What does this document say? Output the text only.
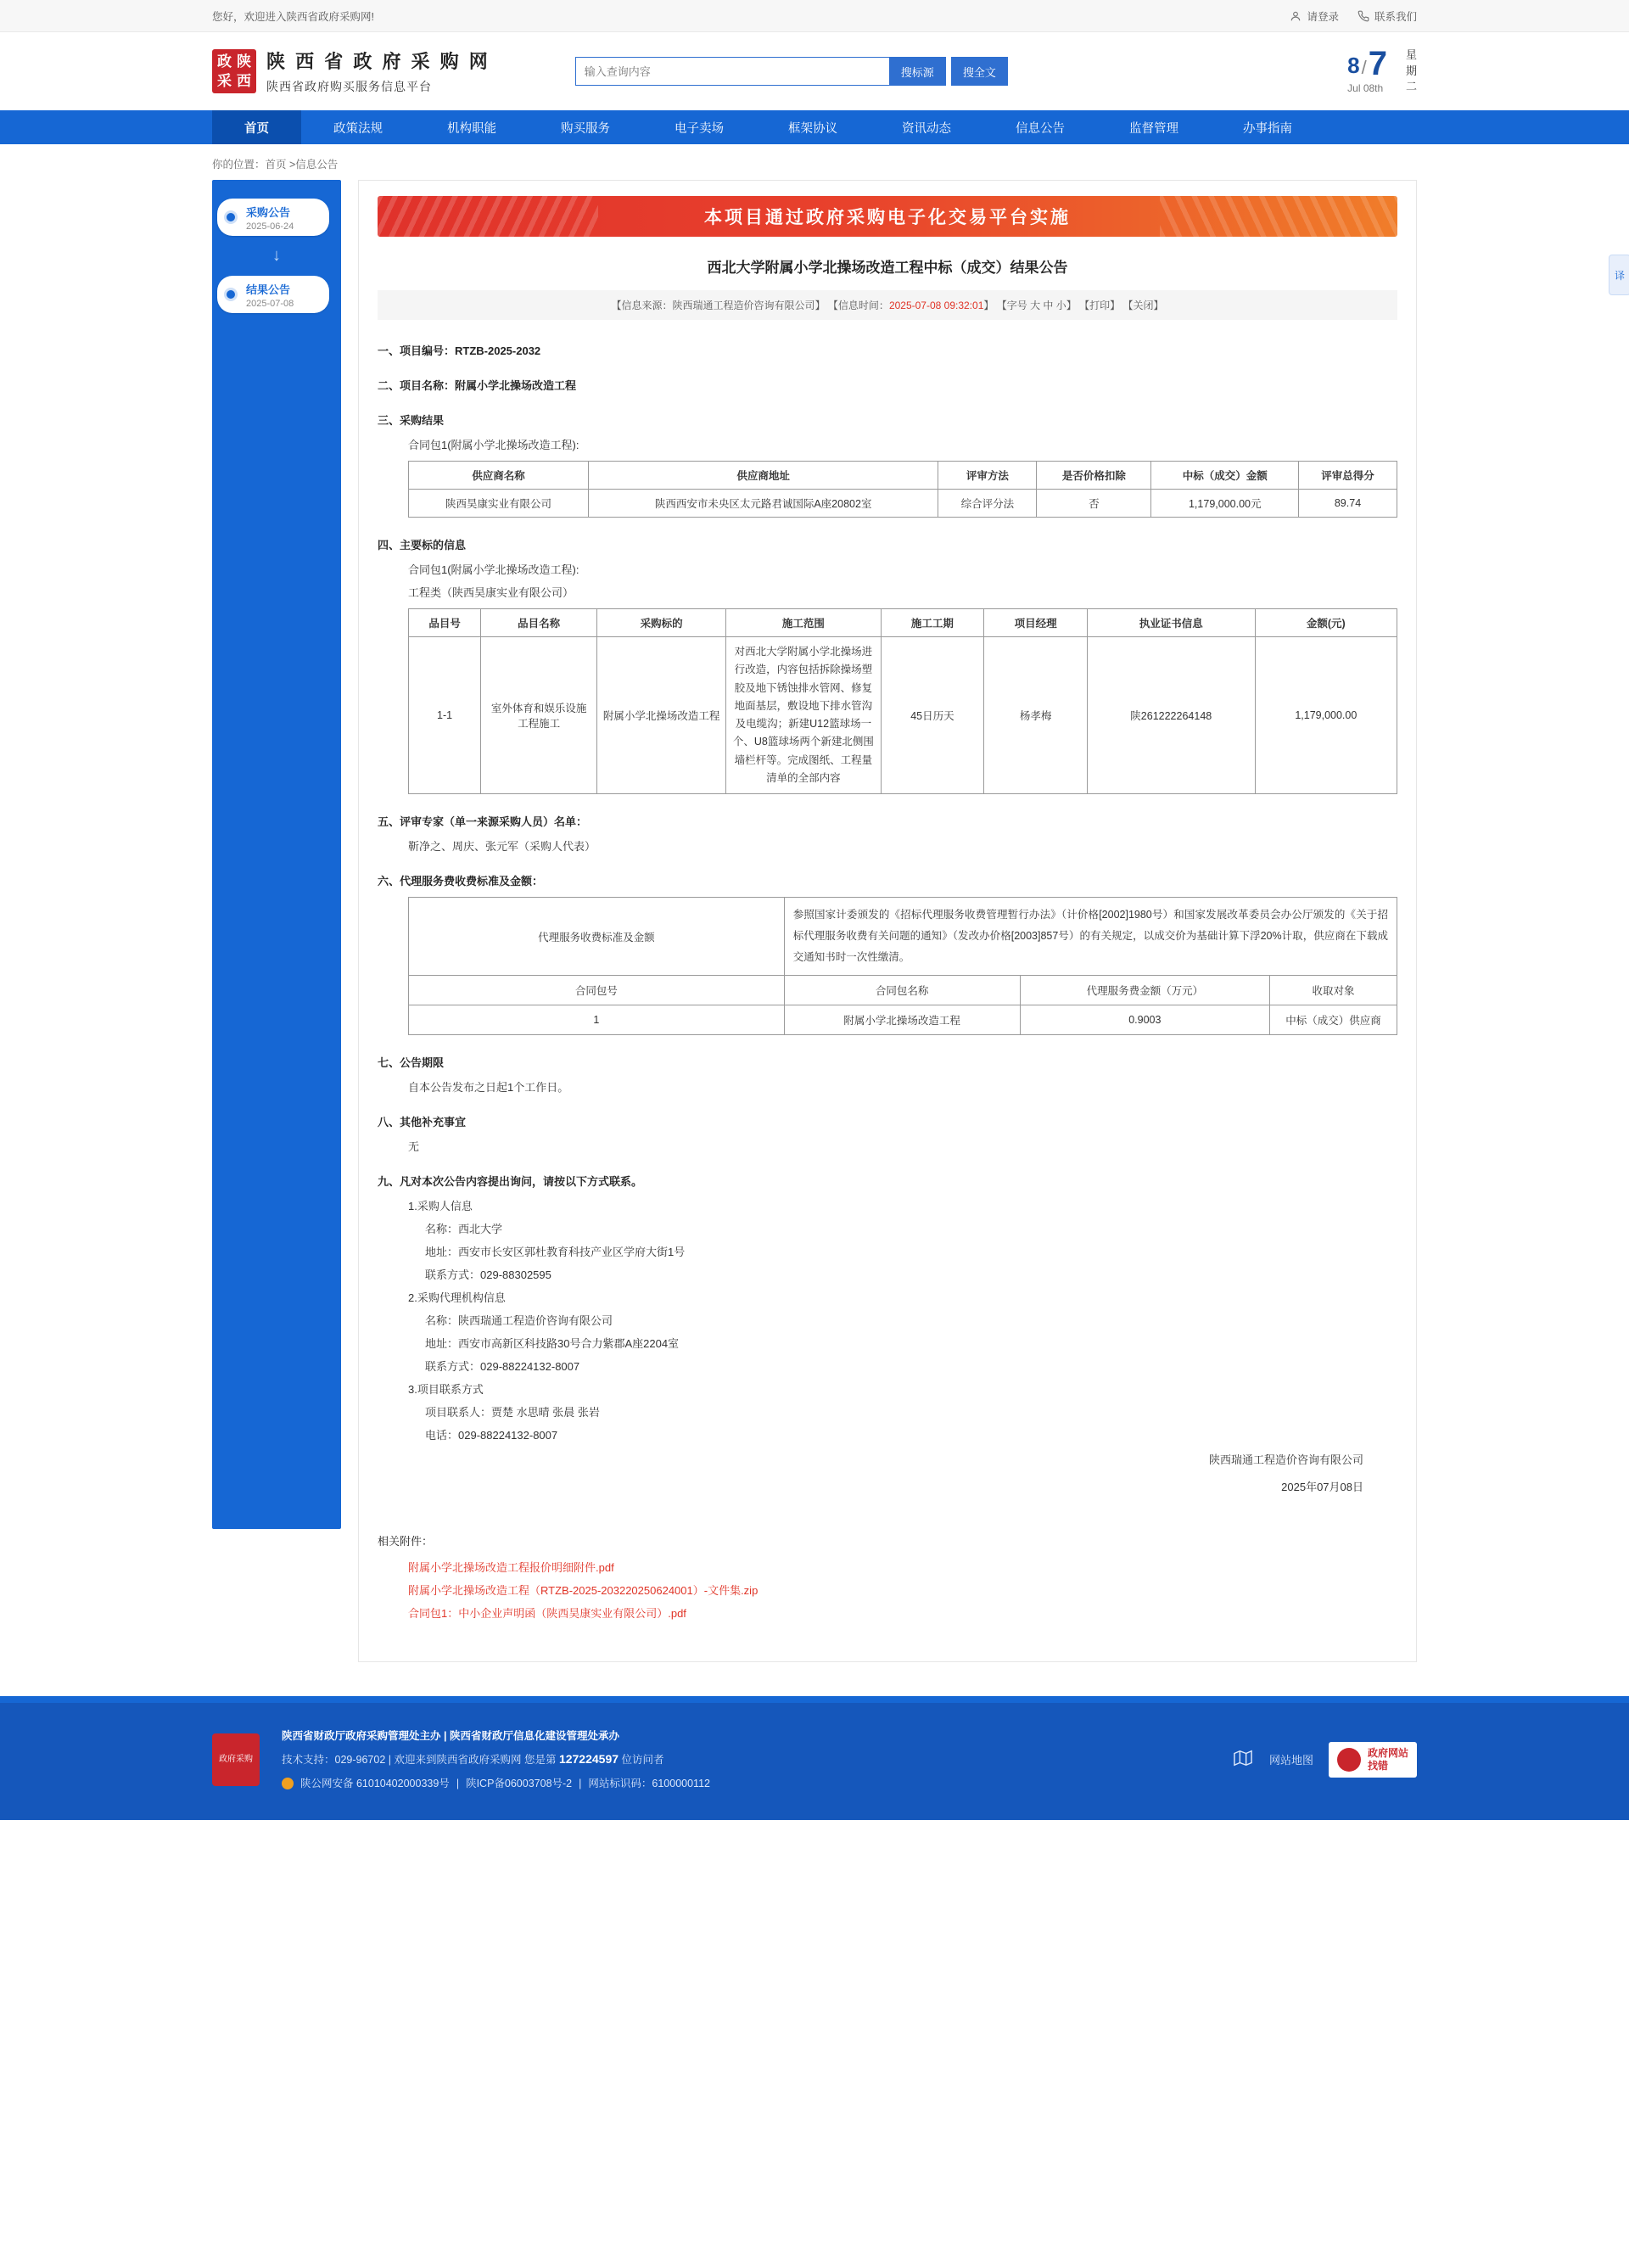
您好，欢迎进入陕西省政府采购网!	请登录	联系我们
政 陕
采 西
陕 西 省 政 府 采 购 网
陕西省政府购买服务信息平台
输入查询内容
搜标源	搜全文	8 / 7
Jul 08th
星
期
二
首页	政策法规	机构职能	购买服务	电子卖场	框架协议	资讯动态	信息公告	监督管理	办事指南
你的位置：首页 >信息公告
采购公告
2025-06-24
↓
结果公告
2025-07-08
本项目通过政府采购电子化交易平台实施
西北大学附属小学北操场改造工程中标（成交）结果公告
【信息来源：陕西瑞通工程造价咨询有限公司】 【信息时间：2025-07-08 09:32:01】 【字号 大 中 小】 【打印】 【关闭】
一、项目编号：RTZB-2025-2032
二、项目名称：附属小学北操场改造工程
三、采购结果
合同包1(附属小学北操场改造工程):
供应商名称	供应商地址	评审方法	是否价格扣除	中标（成交）金额	评审总得分
陕西昊康实业有限公司	陕西西安市未央区太元路君诚国际A座20802室	综合评分法	否	1,179,000.00元	89.74
四、主要标的信息
合同包1(附属小学北操场改造工程):
工程类（陕西昊康实业有限公司）
品目号	品目名称	采购标的	施工范围	施工工期	项目经理	执业证书信息	金额(元)
1-1	室外体育和娱乐设施工程施工	附属小学北操场改造工程	对西北大学附属小学北操场进行改造，内容包括拆除操场塑胶及地下锈蚀排水管网、修复地面基层，敷设地下排水管沟及电缆沟；新建U12篮球场一个、U8篮球场两个新建北侧围墙栏杆等。完成图纸、工程量清单的全部内容	45日历天	杨孝梅	陕261222264148	1,179,000.00
五、评审专家（单一来源采购人员）名单：
靳净之、周庆、张元军（采购人代表）
六、代理服务费收费标准及金额：
代理服务收费标准及金额	参照国家计委颁发的《招标代理服务收费管理暂行办法》（计价格[2002]1980号）和国家发展改革委员会办公厅颁发的《关于招标代理服务收费有关问题的通知》（发改办价格[2003]857号）的有关规定，以成交价为基础计算下浮20%计取，供应商在下载成交通知书时一次性缴清。		
合同包号	合同包名称	代理服务费金额（万元）	收取对象
1	附属小学北操场改造工程	0.9003	中标（成交）供应商
七、公告期限
自本公告发布之日起1个工作日。
八、其他补充事宜
无
九、凡对本次公告内容提出询问，请按以下方式联系。
1.采购人信息
名称：西北大学
地址：西安市长安区郭杜教育科技产业区学府大街1号
联系方式：029-88302595
2.采购代理机构信息
名称：陕西瑞通工程造价咨询有限公司
地址：西安市高新区科技路30号合力紫郡A座2204室
联系方式：029-88224132-8007
3.项目联系方式
项目联系人：贾楚 水思晴 张晨 张岩
电话：029-88224132-8007
陕西瑞通工程造价咨询有限公司
2025年07月08日
相关附件：
附属小学北操场改造工程报价明细附件.pdf
附属小学北操场改造工程（RTZB-2025-203220250624001）-文件集.zip
合同包1：中小企业声明函（陕西昊康实业有限公司）.pdf
译
政府采购
陕西省财政厅政府采购管理处主办 | 陕西省财政厅信息化建设管理处承办
技术支持：029-96702 | 欢迎来到陕西省政府采购网 您是第 127224597 位访问者
陕公网安备 61010402000339号 | 陕ICP备06003708号-2 | 网站标识码：6100000112
网站地图
政府网站
找错
